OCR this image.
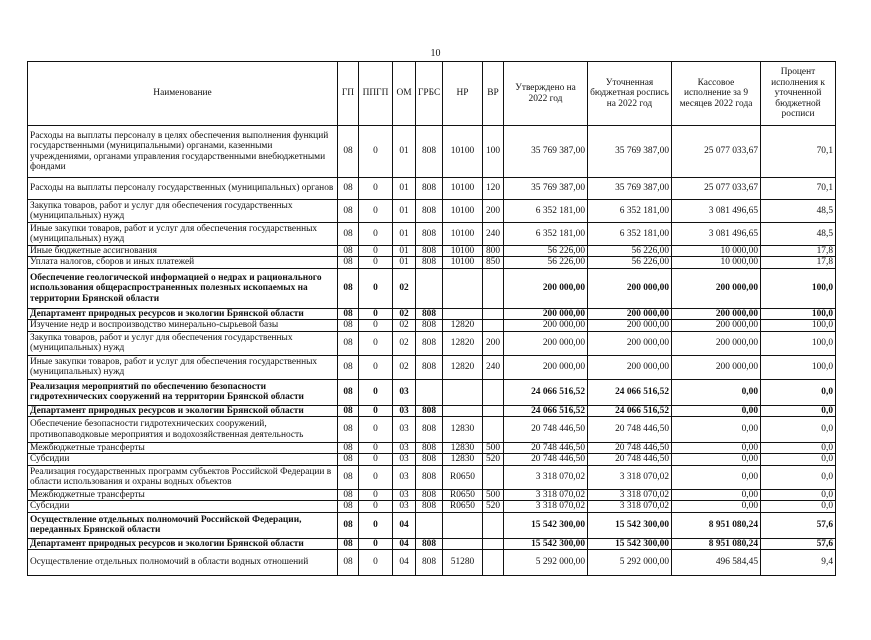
10
Наименование	ГП	ППГП	ОМ	ГРБС	НР	ВР	Утверждено на 2022 год	Уточненная бюджетная роспись на 2022 год	Кассовое исполнение за 9 месяцев 2022 года	Процент исполнения к уточненной бюджетной росписи
Расходы на выплаты персоналу в целях обеспечения выполнения функций государственными (муниципальными) органами, казенными учреждениями, органами управления государственными внебюджетными фондами	08	0	01	808	10100	100	35 769 387,00	35 769 387,00	25 077 033,67	70,1
Расходы на выплаты персоналу государственных (муниципальных) органов	08	0	01	808	10100	120	35 769 387,00	35 769 387,00	25 077 033,67	70,1
Закупка товаров, работ и услуг для обеспечения государственных (муниципальных) нужд	08	0	01	808	10100	200	6 352 181,00	6 352 181,00	3 081 496,65	48,5
Иные закупки товаров, работ и услуг для обеспечения государственных (муниципальных) нужд	08	0	01	808	10100	240	6 352 181,00	6 352 181,00	3 081 496,65	48,5
Иные бюджетные ассигнования	08	0	01	808	10100	800	56 226,00	56 226,00	10 000,00	17,8
Уплата налогов, сборов и иных платежей	08	0	01	808	10100	850	56 226,00	56 226,00	10 000,00	17,8
Обеспечение геологической информацией о недрах и рационального использования общераспространенных полезных ископаемых на территории Брянской области	08	0	02				200 000,00	200 000,00	200 000,00	100,0
Департамент природных ресурсов и экологии Брянской области	08	0	02	808			200 000,00	200 000,00	200 000,00	100,0
Изучение недр и воспроизводство минерально-сырьевой базы	08	0	02	808	12820		200 000,00	200 000,00	200 000,00	100,0
Закупка товаров, работ и услуг для обеспечения государственных (муниципальных) нужд	08	0	02	808	12820	200	200 000,00	200 000,00	200 000,00	100,0
Иные закупки товаров, работ и услуг для обеспечения государственных (муниципальных) нужд	08	0	02	808	12820	240	200 000,00	200 000,00	200 000,00	100,0
Реализация мероприятий по обеспечению безопасности гидротехнических сооружений на территории Брянской области	08	0	03				24 066 516,52	24 066 516,52	0,00	0,0
Департамент природных ресурсов и экологии Брянской области	08	0	03	808			24 066 516,52	24 066 516,52	0,00	0,0
Обеспечение безопасности гидротехнических сооружений, противопаводковые мероприятия и водохозяйственная деятельность	08	0	03	808	12830		20 748 446,50	20 748 446,50	0,00	0,0
Межбюджетные трансферты	08	0	03	808	12830	500	20 748 446,50	20 748 446,50	0,00	0,0
Субсидии	08	0	03	808	12830	520	20 748 446,50	20 748 446,50	0,00	0,0
Реализация государственных программ субъектов Российской Федерации в области использования и охраны водных объектов	08	0	03	808	R0650		3 318 070,02	3 318 070,02	0,00	0,0
Межбюджетные трансферты	08	0	03	808	R0650	500	3 318 070,02	3 318 070,02	0,00	0,0
Субсидии	08	0	03	808	R0650	520	3 318 070,02	3 318 070,02	0,00	0,0
Осуществление отдельных полномочий Российской Федерации, переданных Брянской области	08	0	04				15 542 300,00	15 542 300,00	8 951 080,24	57,6
Департамент природных ресурсов и экологии Брянской области	08	0	04	808			15 542 300,00	15 542 300,00	8 951 080,24	57,6
Осуществление отдельных полномочий в области водных отношений	08	0	04	808	51280		5 292 000,00	5 292 000,00	496 584,45	9,4
